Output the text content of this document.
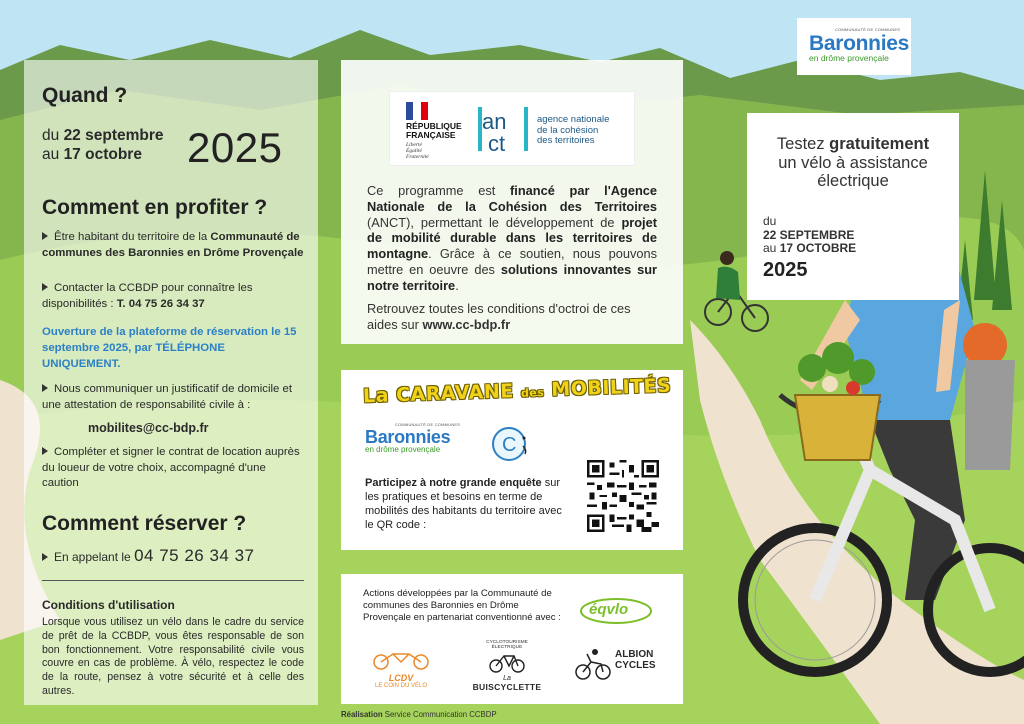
COMMUNAUTÉ DE COMMUNES
Baronnies
en drôme provençale
Quand ?
du 22 septembre
au 17 octobre	2025
Comment en profiter ?
Être habitant du territoire de la Communauté de communes des Baronnies en Drôme Provençale
Contacter la CCBDP pour connaître les disponibilités : T. 04 75 26 34 37
Ouverture de la plateforme de réservation le 15 septembre 2025, par TÉLÉPHONE UNIQUEMENT.
Nous communiquer un justificatif de domicile et une attestation de responsabilité civile à :
mobilites@cc-bdp.fr
Compléter et signer le contrat de location auprès du loueur de votre choix, accompagné d'une caution
Comment réserver ?
En appelant le 04 75 26 34 37
Conditions d'utilisation
Lorsque vous utilisez un vélo dans le cadre du service de prêt de la CCBDP, vous êtes responsable de son bon fonctionnement. Votre responsabilité civile vous couvre en cas de problème. À vélo, respectez le code de la route, pensez à votre sécurité et à celle des autres.
RÉPUBLIQUE
FRANÇAISE
Liberté
Égalité
Fraternité
an
ct
agence nationale
de la cohésion
des territoires
Ce programme est financé par l'Agence Nationale de la Cohésion des Territoires (ANCT), permettant le développement de projet de mobilité durable dans les territoires de montagne. Grâce à ce soutien, nous pouvons mettre en oeuvre des solutions innovantes sur notre territoire.
Retrouvez toutes les conditions d'octroi de ces aides sur www.cc-bdp.fr
La CARAVANE des MOBILITÉS
COMMUNAUTÉ DE COMMUNES
Baronnies
en drôme provençale	C
Participez à notre grande enquête sur les pratiques et besoins en terme de mobilités des habitants du territoire avec le QR code :
Actions développées par la Communauté de communes des Baronnies en Drôme Provençale en partenariat conventionné avec : éqvlo
LCDV
LE COIN DU VÉLO
CYCLOTOURISME ÉLECTRIQUE
La
BUISCYCLETTE
ALBION
CYCLES
Réalisation Service Communication CCBDP
Testez gratuitement
un vélo à assistance électrique
du
22 SEPTEMBRE
au 17 OCTOBRE
2025
